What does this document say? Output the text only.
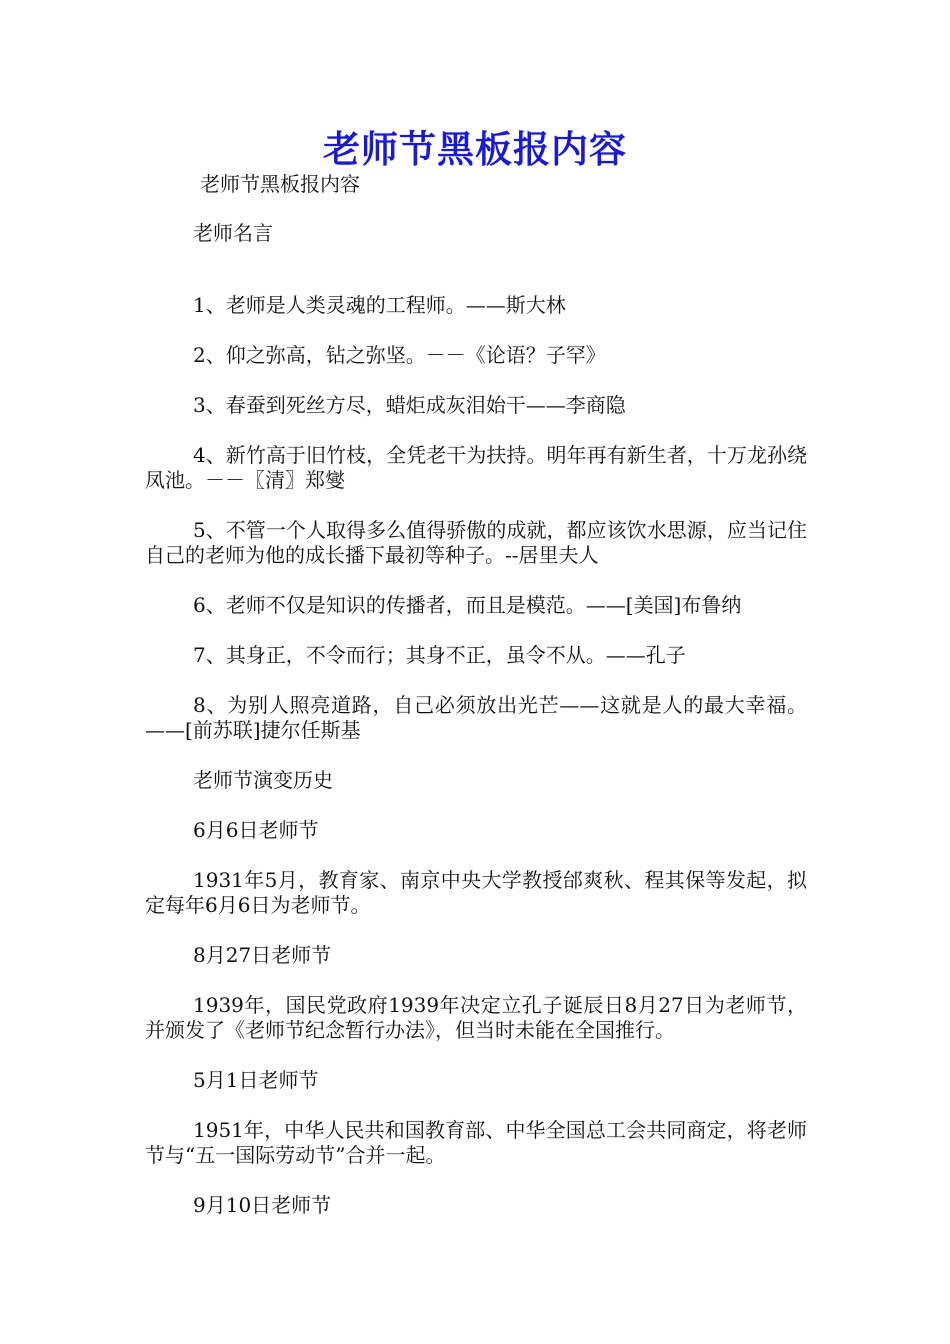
老师节黑板报内容

老师节黑板报内容

老师名言

1、老师是人类灵魂的工程师。——斯大林

2、仰之弥高，钻之弥坚。－－《论语？子罕》

3、春蚕到死丝方尽，蜡炬成灰泪始干——李商隐

4、新竹高于旧竹枝，全凭老干为扶持。明年再有新生者，十万龙孙绕凤池。－－〖清〗郑燮

5、不管一个人取得多么值得骄傲的成就，都应该饮水思源，应当记住自己的老师为他的成长播下最初等种子。--居里夫人

6、老师不仅是知识的传播者，而且是模范。——[美国]布鲁纳

7、其身正，不令而行；其身不正，虽令不从。——孔子

8、为别人照亮道路，自己必须放出光芒——这就是人的最大幸福。——[前苏联]捷尔任斯基

老师节演变历史

6月6日老师节

1931年5月，教育家、南京中央大学教授邰爽秋、程其保等发起，拟定每年6月6日为老师节。

8月27日老师节

1939年，国民党政府1939年决定立孔子诞辰日8月27日为老师节，并颁发了《老师节纪念暂行办法》，但当时未能在全国推行。

5月1日老师节

1951年，中华人民共和国教育部、中华全国总工会共同商定，将老师节与“五一国际劳动节”合并一起。

9月10日老师节
